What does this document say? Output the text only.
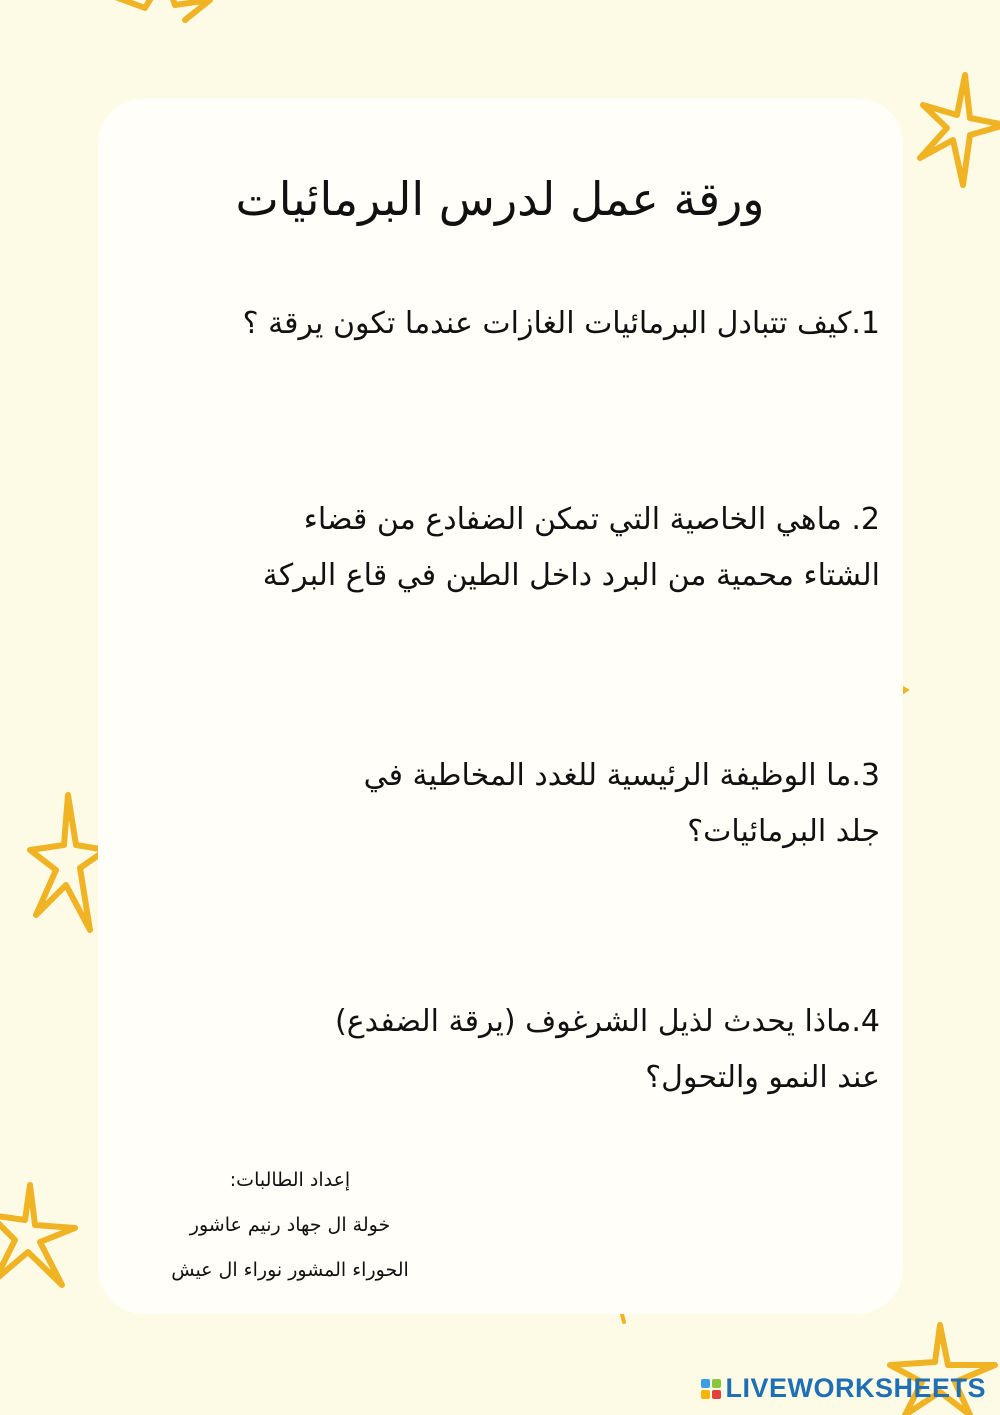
ورقة عمل لدرس البرمائيات
1.كيف تتبادل البرمائيات الغازات عندما تكون يرقة ؟
2. ماهي الخاصية التي تمكن الضفادع من قضاء
الشتاء محمية من البرد داخل الطين في قاع البركة
3.ما الوظيفة الرئيسية للغدد المخاطية في
جلد البرمائيات؟
4.ماذا يحدث لذيل الشرغوف (يرقة الضفدع)
عند النمو والتحول؟
إعداد الطالبات:
خولة ال جهاد رنيم عاشور
الحوراء المشور نوراء ال عيش
LIVEWORKSHEETS
